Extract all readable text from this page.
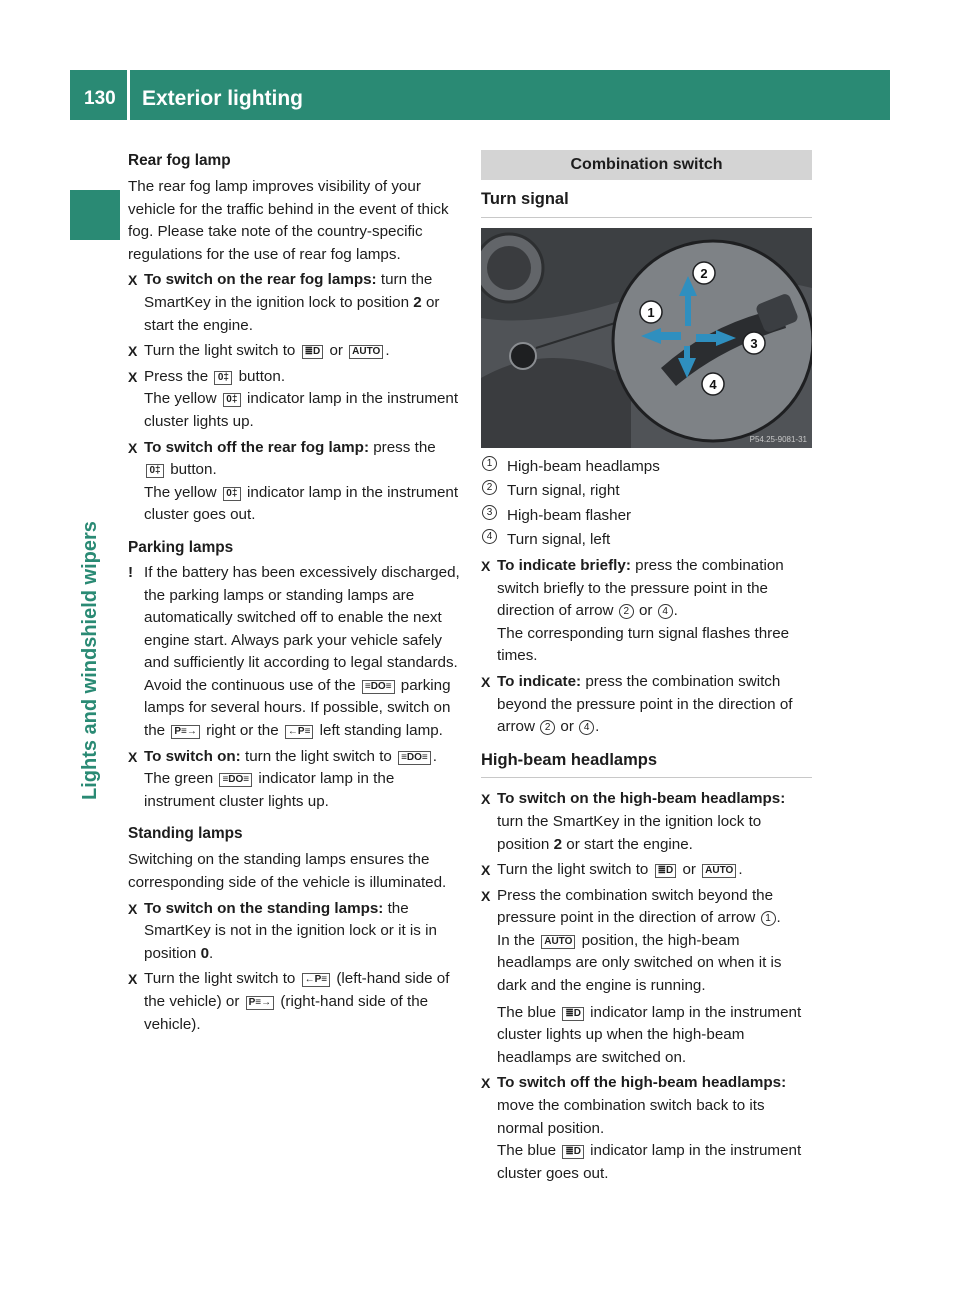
130 Exterior lighting
Lights and windshield wipers
Rear fog lamp

The rear fog lamp improves visibility of your vehicle for the traffic behind in the event of thick fog. Please take note of the country-specific regulations for the use of rear fog lamps.

X To switch on the rear fog lamps: turn the SmartKey in the ignition lock to position 2 or start the engine.
X Turn the light switch to ≣D or AUTO .
X Press the 0‡ button.
The yellow 0‡ indicator lamp in the instrument cluster lights up.
X To switch off the rear fog lamp: press the 0‡ button.
The yellow 0‡ indicator lamp in the instrument cluster goes out.
Parking lamps
! If the battery has been excessively discharged, the parking lamps or standing lamps are automatically switched off to enable the next engine start. Always park your vehicle safely and sufficiently lit according to legal standards. Avoid the continuous use of the ≡DO≡ parking lamps for several hours. If possible, switch on the P≡→ right or the ←P≡ left standing lamp.
X To switch on: turn the light switch to ≡DO≡ .
The green ≡DO≡ indicator lamp in the instrument cluster lights up.
Standing lamps

Switching on the standing lamps ensures the corresponding side of the vehicle is illuminated.

X To switch on the standing lamps: the SmartKey is not in the ignition lock or it is in position 0.
X Turn the light switch to ←P≡ (left-hand side of the vehicle) or P≡→ (right-hand side of the vehicle).
Combination switch
Turn signal
1
2
3
4
P54.25-9081-31
1 High-beam headlamps
2 Turn signal, right
3 High-beam flasher
4 Turn signal, left
X To indicate briefly: press the combination switch briefly to the pressure point in the direction of arrow 2 or 4 .
The corresponding turn signal flashes three times.
X To indicate: press the combination switch beyond the pressure point in the direction of arrow 2 or 4 .
High-beam headlamps
X To switch on the high-beam headlamps: turn the SmartKey in the ignition lock to position 2 or start the engine.
X Turn the light switch to ≣D or AUTO .
X Press the combination switch beyond the pressure point in the direction of arrow 1 .
In the AUTO position, the high-beam headlamps are only switched on when it is dark and the engine is running.
The blue ≣D indicator lamp in the instrument cluster lights up when the high-beam headlamps are switched on.
X To switch off the high-beam headlamps: move the combination switch back to its normal position.
The blue ≣D indicator lamp in the instrument cluster goes out.
